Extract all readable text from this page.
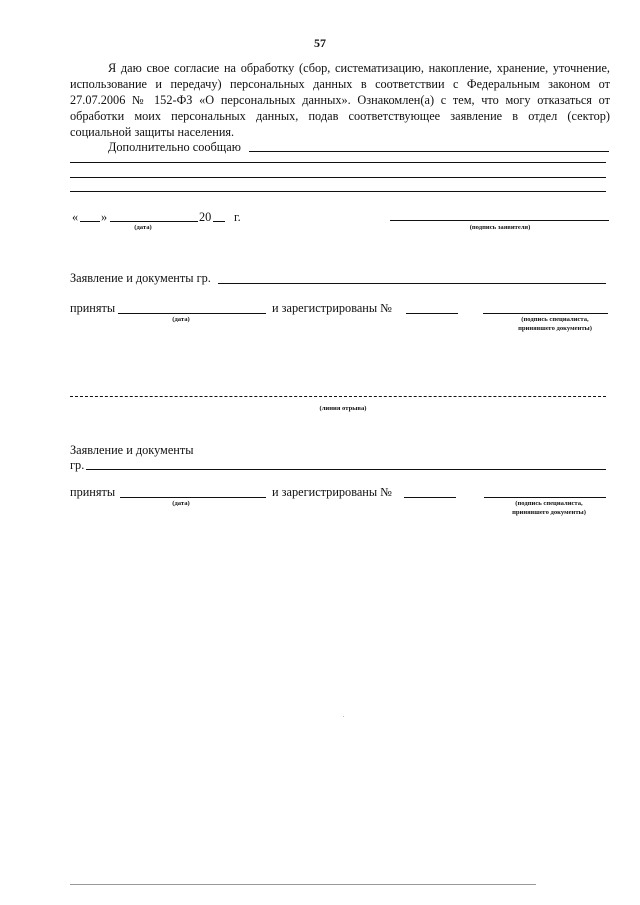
57
Я даю свое согласие на обработку (сбор, систематизацию, накопление, хранение, уточнение, использование и передачу) персональных данных в соответствии с Федеральным законом от 27.07.2006 № 152-ФЗ «О персональных данных». Ознакомлен(а) с тем, что могу отказаться от обработки моих персональных данных, подав соответствующее заявление в отдел (сектор) социальной защиты населения.
Дополнительно сообщаю
« »	20 г.
(дата)	(подпись заявителя)
Заявление и документы гр.
приняты
(дата)
и зарегистрированы №
(подпись специалиста,
принявшего документы)
(линия отрыва)
Заявление и документы
гр.
приняты
(дата)
и зарегистрированы №
(подпись специалиста,
принявшего документы)
